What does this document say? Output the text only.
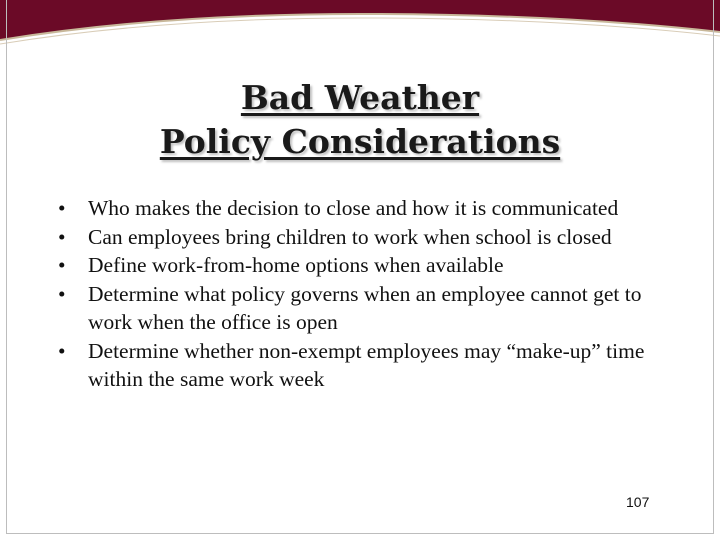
Bad Weather
Policy Considerations
• Who makes the decision to close and how it is communicated
• Can employees bring children to work when school is closed
• Define work-from-home options when available
• Determine what policy governs when an employee cannot get to work when the office is open
• Determine whether non-exempt employees may “make-up” time within the same work week
107
